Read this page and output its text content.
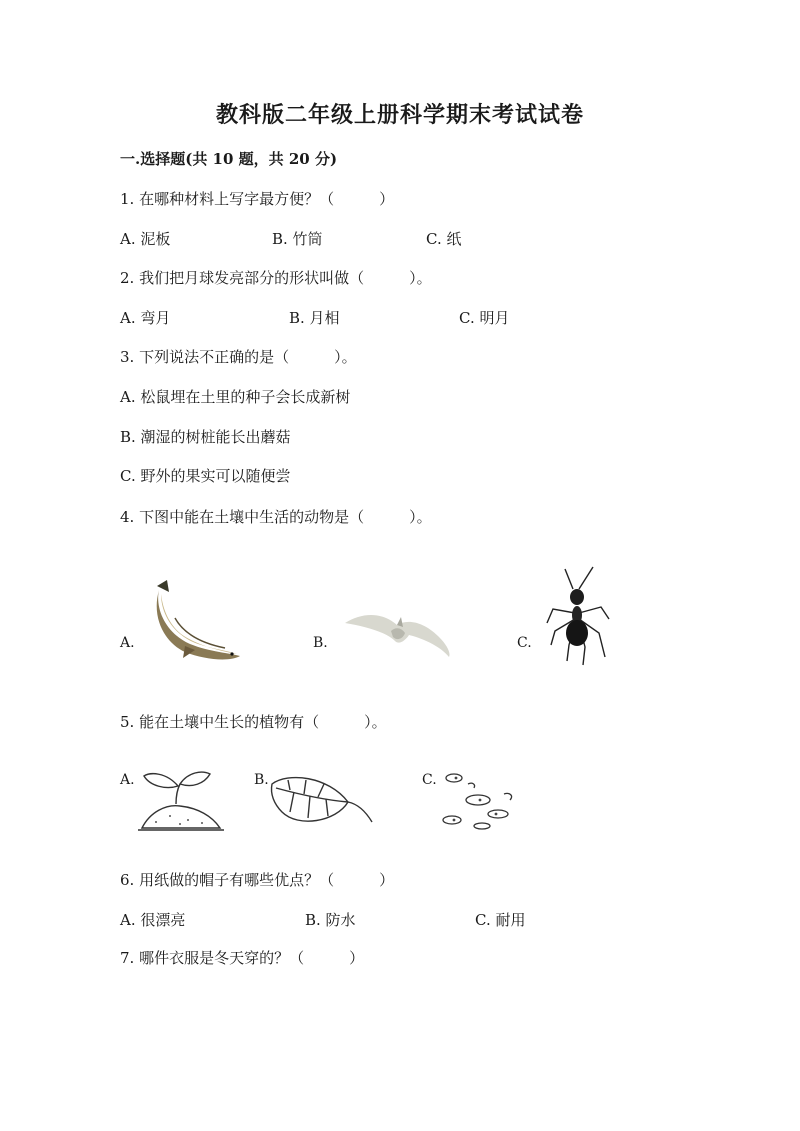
教科版二年级上册科学期末考试试卷
一.选择题(共 10 题，共 20 分)
1. 在哪种材料上写字最方便？（　　　）
A. 泥板	B. 竹筒	C. 纸
2. 我们把月球发亮部分的形状叫做（　　　）。
A. 弯月	B. 月相	C. 明月
3. 下列说法不正确的是（　　　）。
A. 松鼠埋在土里的种子会长成新树
B. 潮湿的树桩能长出蘑菇
C. 野外的果实可以随便尝
4. 下图中能在土壤中生活的动物是（　　　）。
A.	B.	C.
5. 能在土壤中生长的植物有（　　　）。
A.	B.	C.
6. 用纸做的帽子有哪些优点？（　　　）
A. 很漂亮	B. 防水	C. 耐用
7. 哪件衣服是冬天穿的？（　　　）
